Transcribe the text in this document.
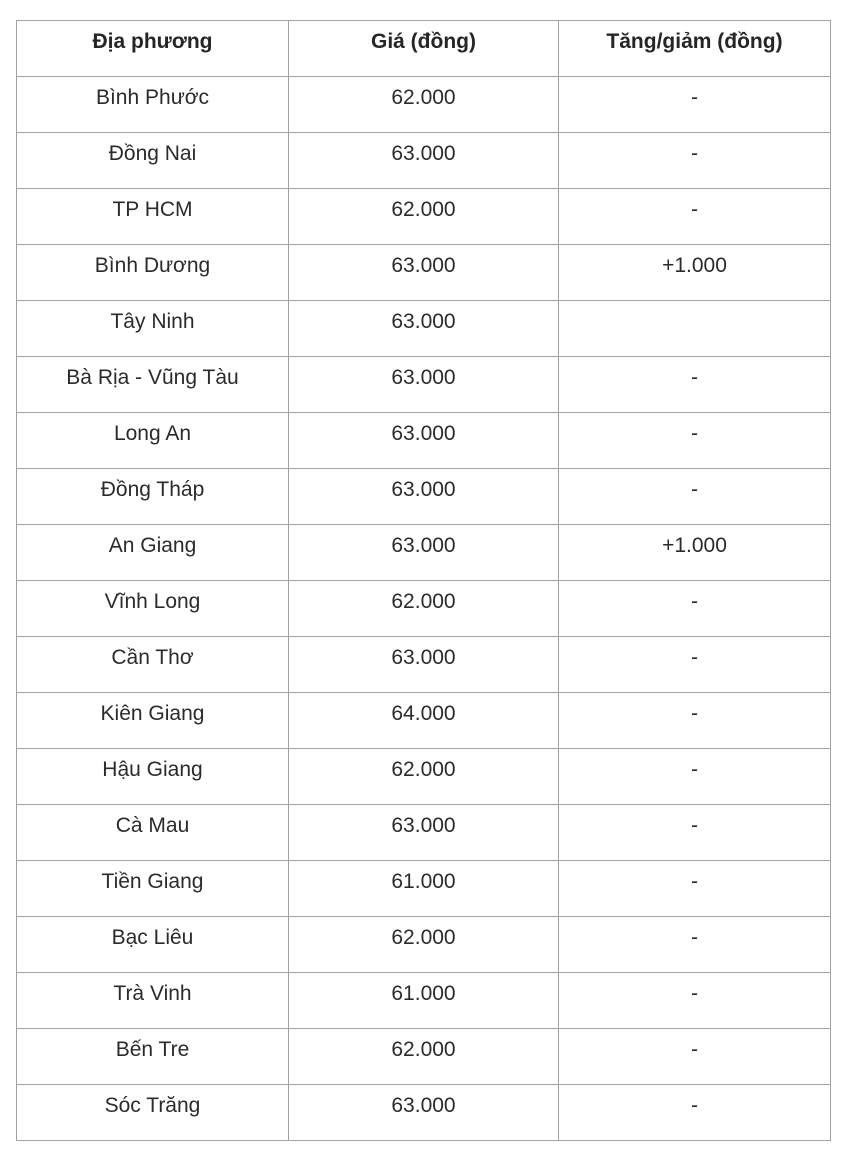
Địa phương	Giá (đồng)	Tăng/giảm (đồng)
Bình Phước	62.000	-
Đồng Nai	63.000	-
TP HCM	62.000	-
Bình Dương	63.000	+1.000
Tây Ninh	63.000	
Bà Rịa - Vũng Tàu	63.000	-
Long An	63.000	-
Đồng Tháp	63.000	-
An Giang	63.000	+1.000
Vĩnh Long	62.000	-
Cần Thơ	63.000	-
Kiên Giang	64.000	-
Hậu Giang	62.000	-
Cà Mau	63.000	-
Tiền Giang	61.000	-
Bạc Liêu	62.000	-
Trà Vinh	61.000	-
Bến Tre	62.000	-
Sóc Trăng	63.000	-
